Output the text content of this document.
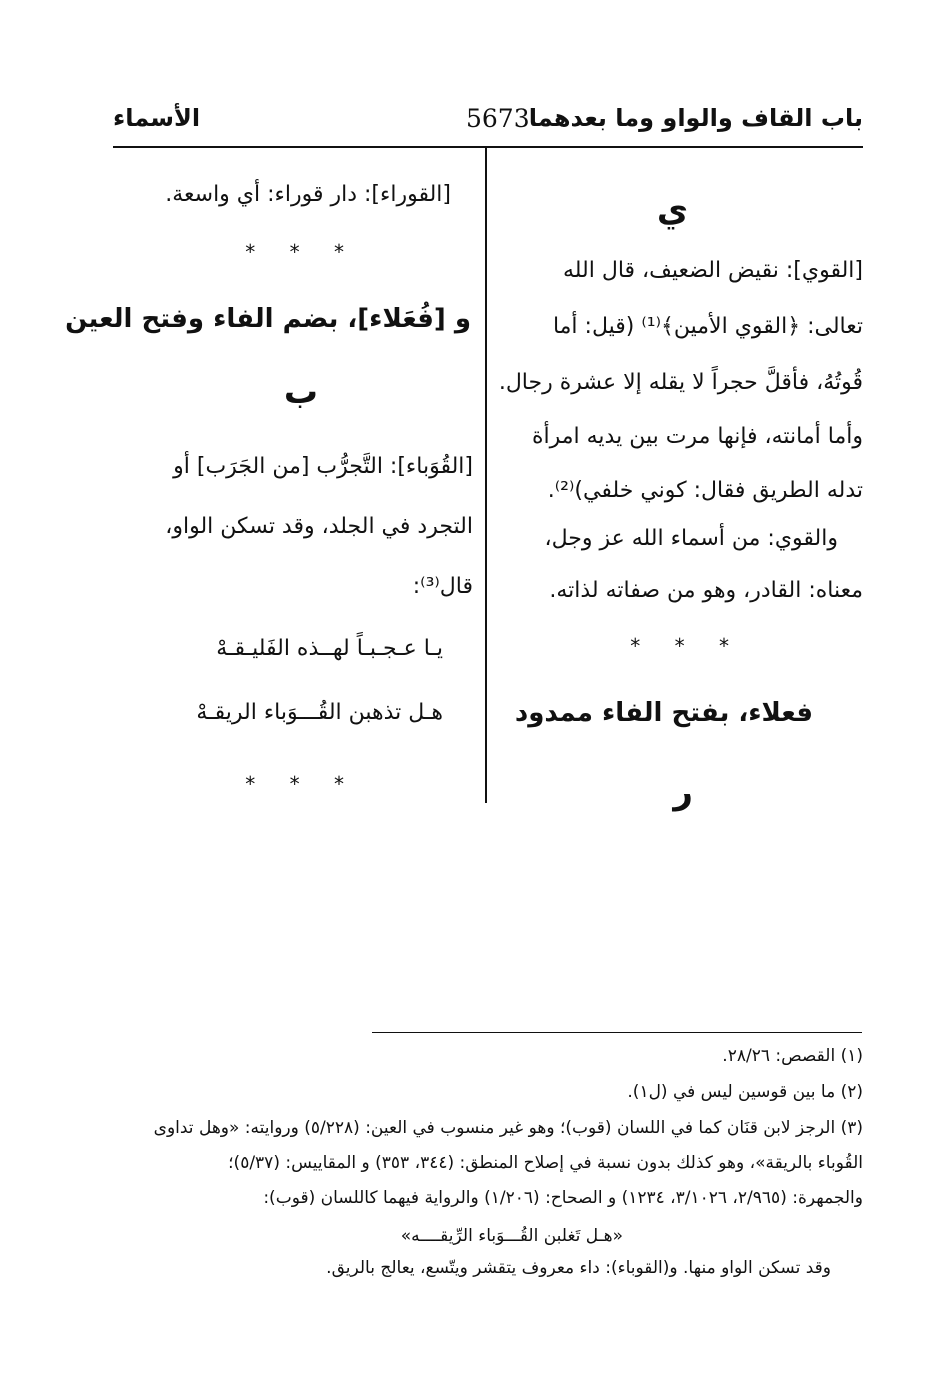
باب القاف والواو وما بعدهما
5673
الأسماء
ي
[القوي]: نقيض الضعيف، قال الله
تعالى: ﴿القوي الأمين﴾⁽¹⁾ (قيل: أما
قُوتُهُ، فأقلَّ حجراً لا يقله إلا عشرة رجال.
وأما أمانته، فإنها مرت بين يديه امرأة
تدله الطريق فقال: كوني خلفي)⁽²⁾.
والقوي: من أسماء الله عز وجل،
معناه: القادر، وهو من صفاته لذاته.
* * *
فعلاء، بفتح الفاء ممدود
ر
[القوراء]: دار قوراء: أي واسعة.
* * *
و [فُعَلاء]، بضم الفاء وفتح العين
ب
[القُوَباء]: التَّجرُّب [من الجَرَب] أو
التجرد في الجلد، وقد تسكن الواو،
قال⁽³⁾:
يـا عـجـبـاً لهــذه الفَليـقـهْ
هـل تذهبن القُـــوَباء الريقـهْ
* * *
(١) القصص: ٢٨/٢٦.
(٢) ما بين قوسين ليس في (ل١).
(٣) الرجز لابن قنَان كما في اللسان (قوب)؛ وهو غير منسوب في العين: (٥/٢٢٨) وروايته: «وهل تداوى
القُوباء بالريقة»، وهو كذلك بدون نسبة في إصلاح المنطق: (٣٤٤، ٣٥٣) و المقاييس: (٥/٣٧)؛
والجمهرة: (٢/٩٦٥، ٣/١٠٢٦، ١٢٣٤) و الصحاح: (١/٢٠٦) والرواية فيهما كاللسان (قوب):
«هـل تَغلبن القُـــوَباء الرِّيقــــه»
وقد تسكن الواو منها. و(القوباء): داء معروف يتقشر ويتّسع، يعالج بالريق.
